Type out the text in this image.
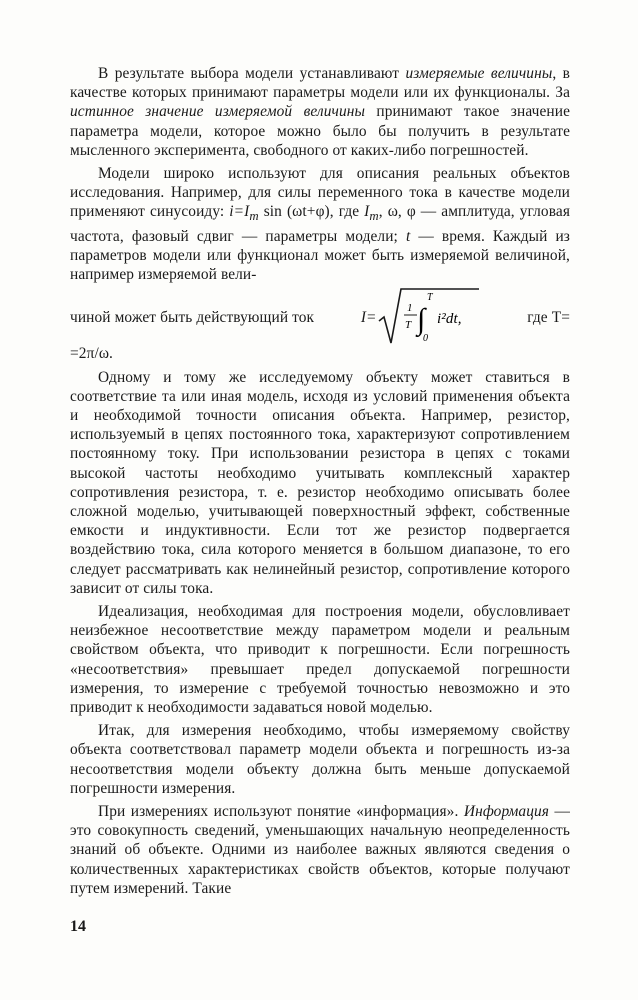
В результате выбора модели устанавливают измеряемые величины, в качестве которых принимают параметры модели или их функционалы. За истинное значение измеряемой величины принимают такое значение параметра модели, которое можно было бы получить в результате мысленного эксперимента, свободного от каких-либо погрешностей.

Модели широко используют для описания реальных объектов исследования. Например, для силы переменного тока в качестве модели применяют синусоиду: $i=I_m$ sin (ωt+φ), где $I_m$, ω, φ — амплитуда, угловая частота, фазовый сдвиг — параметры модели; t — время. Каждый из параметров модели или функционал может быть измеряемой величиной, например измеряемой вели-

чиной может быть действующий ток	I=
1
T
T
∫
0
i²dt,	где T=

=2π/ω.

Одному и тому же исследуемому объекту может ставиться в соответствие та или иная модель, исходя из условий применения объекта и необходимой точности описания объекта. Например, резистор, используемый в цепях постоянного тока, характеризуют сопротивлением постоянному току. При использовании резистора в цепях с токами высокой частоты необходимо учитывать комплексный характер сопротивления резистора, т. е. резистор необходимо описывать более сложной моделью, учитывающей поверхностный эффект, собственные емкости и индуктивности. Если тот же резистор подвергается воздействию тока, сила которого меняется в большом диапазоне, то его следует рассматривать как нелинейный резистор, сопротивление которого зависит от силы тока.

Идеализация, необходимая для построения модели, обусловливает неизбежное несоответствие между параметром модели и реальным свойством объекта, что приводит к погрешности. Если погрешность «несоответствия» превышает предел допускаемой погрешности измерения, то измерение с требуемой точностью невозможно и это приводит к необходимости задаваться новой моделью.

Итак, для измерения необходимо, чтобы измеряемому свойству объекта соответствовал параметр модели объекта и погрешность из-за несоответствия модели объекту должна быть меньше допускаемой погрешности измерения.

При измерениях используют понятие «информация». Информация — это совокупность сведений, уменьшающих начальную неопределенность знаний об объекте. Одними из наиболее важных являются сведения о количественных характеристиках свойств объектов, которые получают путем измерений. Такие

14
